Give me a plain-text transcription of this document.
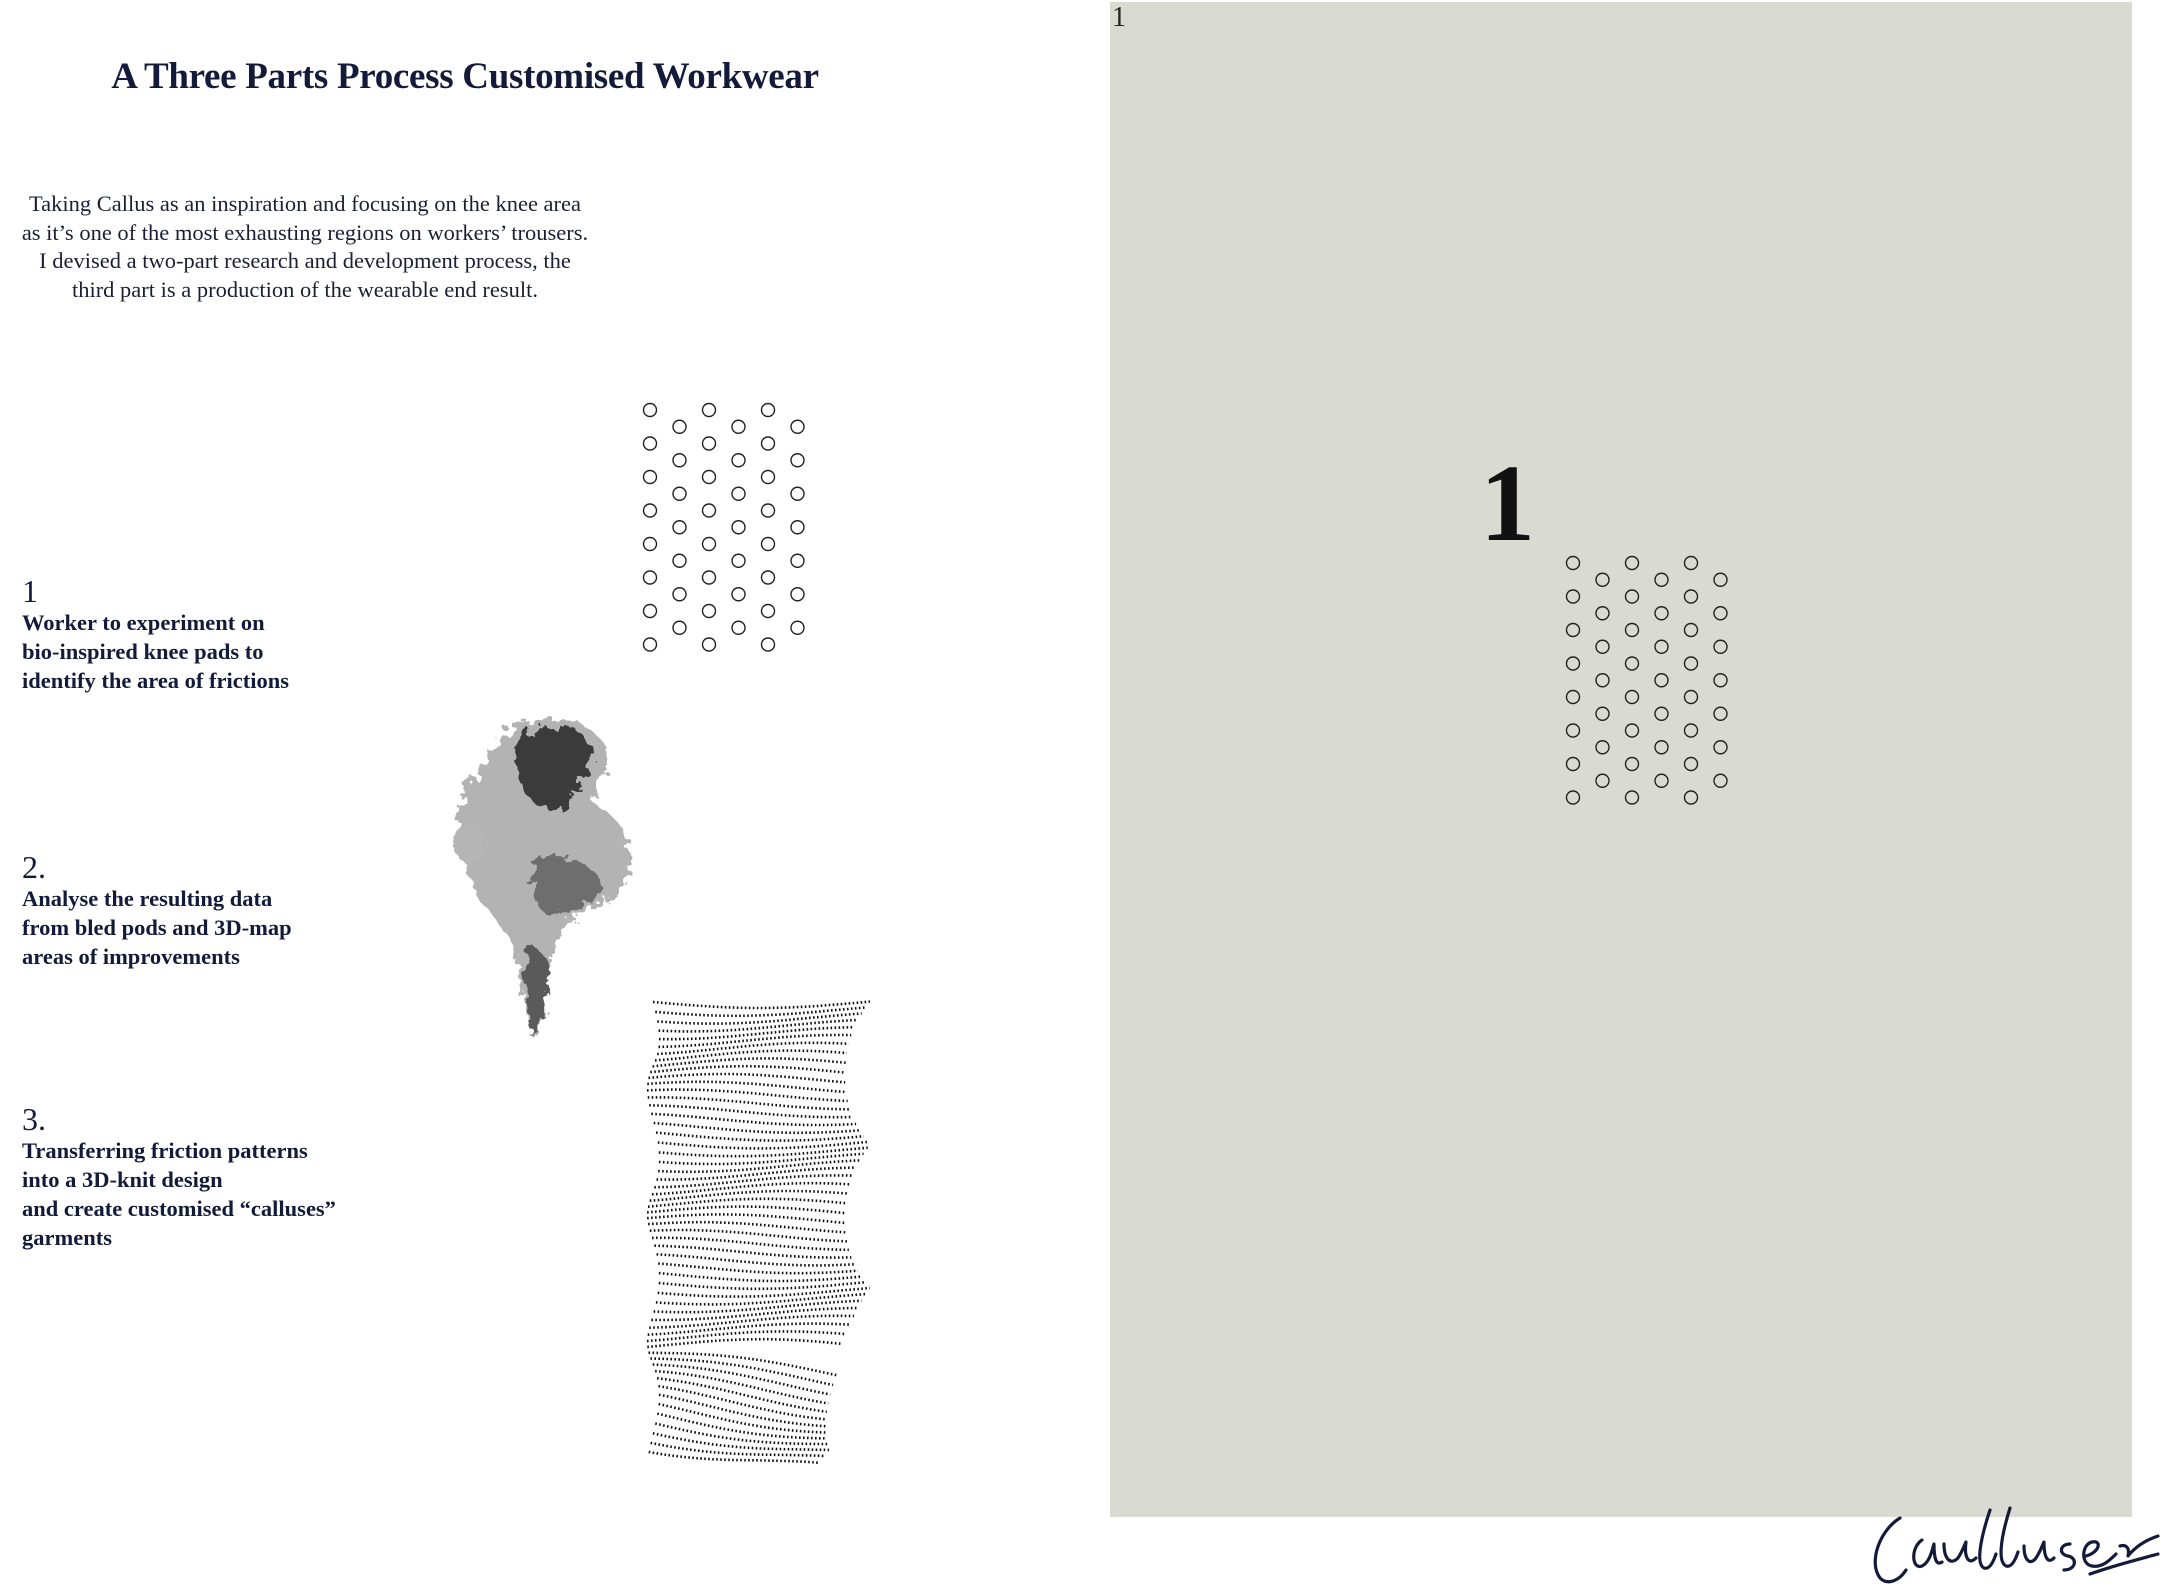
A Three Parts Process Customised Workwear
Taking Callus as an inspiration and focusing on the knee area as it’s one of the most exhausting regions on workers’ trousers. I devised a two-part research and development process, the third part is a production of the wearable end result.
1
Worker to experiment on
bio-inspired knee pads to
identify the area of frictions
2.
Analyse the resulting data
from bled pods and 3D-map
areas of improvements
3.
Transferring friction patterns
into a 3D-knit design
and create customised “calluses”
garments
1
1
